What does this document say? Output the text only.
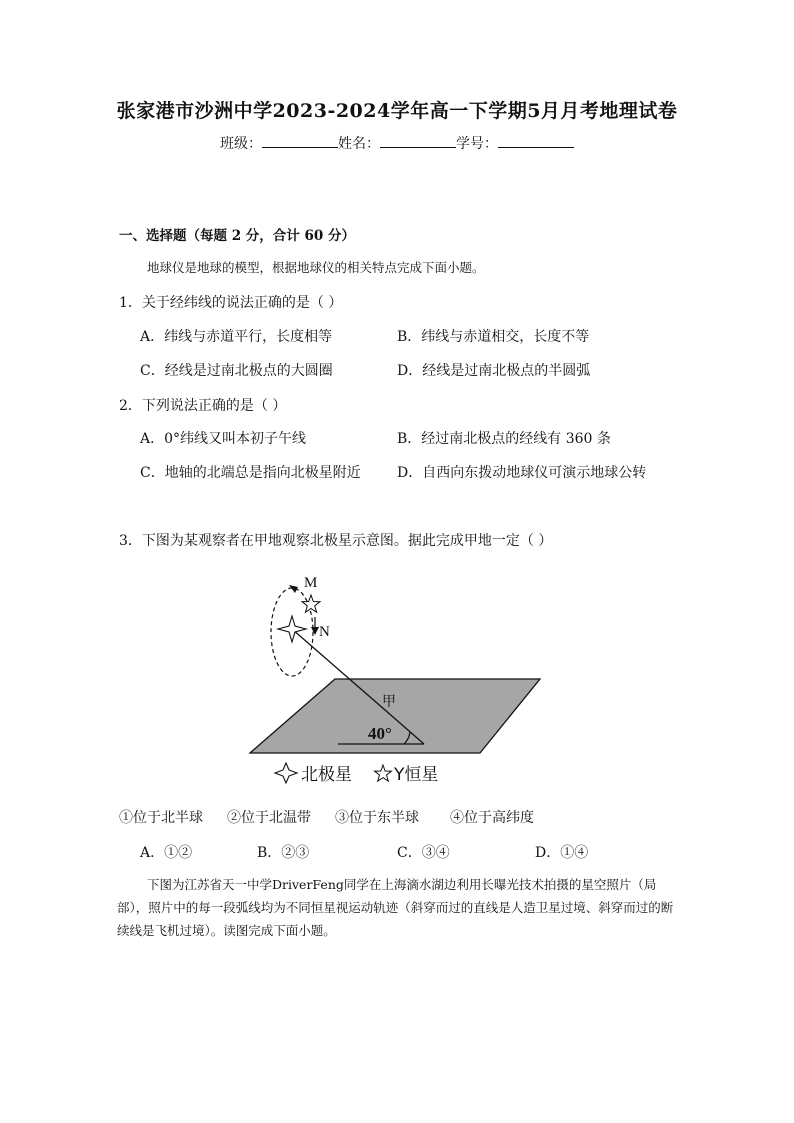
张家港市沙洲中学2023-2024学年高一下学期5月月考地理试卷
班级：	姓名：	学号：
一、选择题（每题 2 分，合计 60 分）
地球仪是地球的模型，根据地球仪的相关特点完成下面小题。
1．关于经纬线的说法正确的是（ ）
A．纬线与赤道平行，长度相等	B．纬线与赤道相交，长度不等
C．经线是过南北极点的大圆圈	D．经线是过南北极点的半圆弧
2．下列说法正确的是（ ）
A．0°纬线又叫本初子午线	B．经过南北极点的经线有 360 条
C．地轴的北端总是指向北极星附近	D．自西向东拨动地球仪可演示地球公转
3．下图为某观察者在甲地观察北极星示意图。据此完成甲地一定（ ）
M
N
甲
40°
北极星 Y恒星
①位于北半球 ②位于北温带 ③位于东半球 ④位于高纬度
A．①②	B．②③	C．③④	D．①④
下图为江苏省天一中学DriverFeng同学在上海滴水湖边利用长曝光技术拍摄的星空照片（局部），照片中的每一段弧线均为不同恒星视运动轨迹（斜穿而过的直线是人造卫星过境、斜穿而过的断续线是飞机过境）。读图完成下面小题。
